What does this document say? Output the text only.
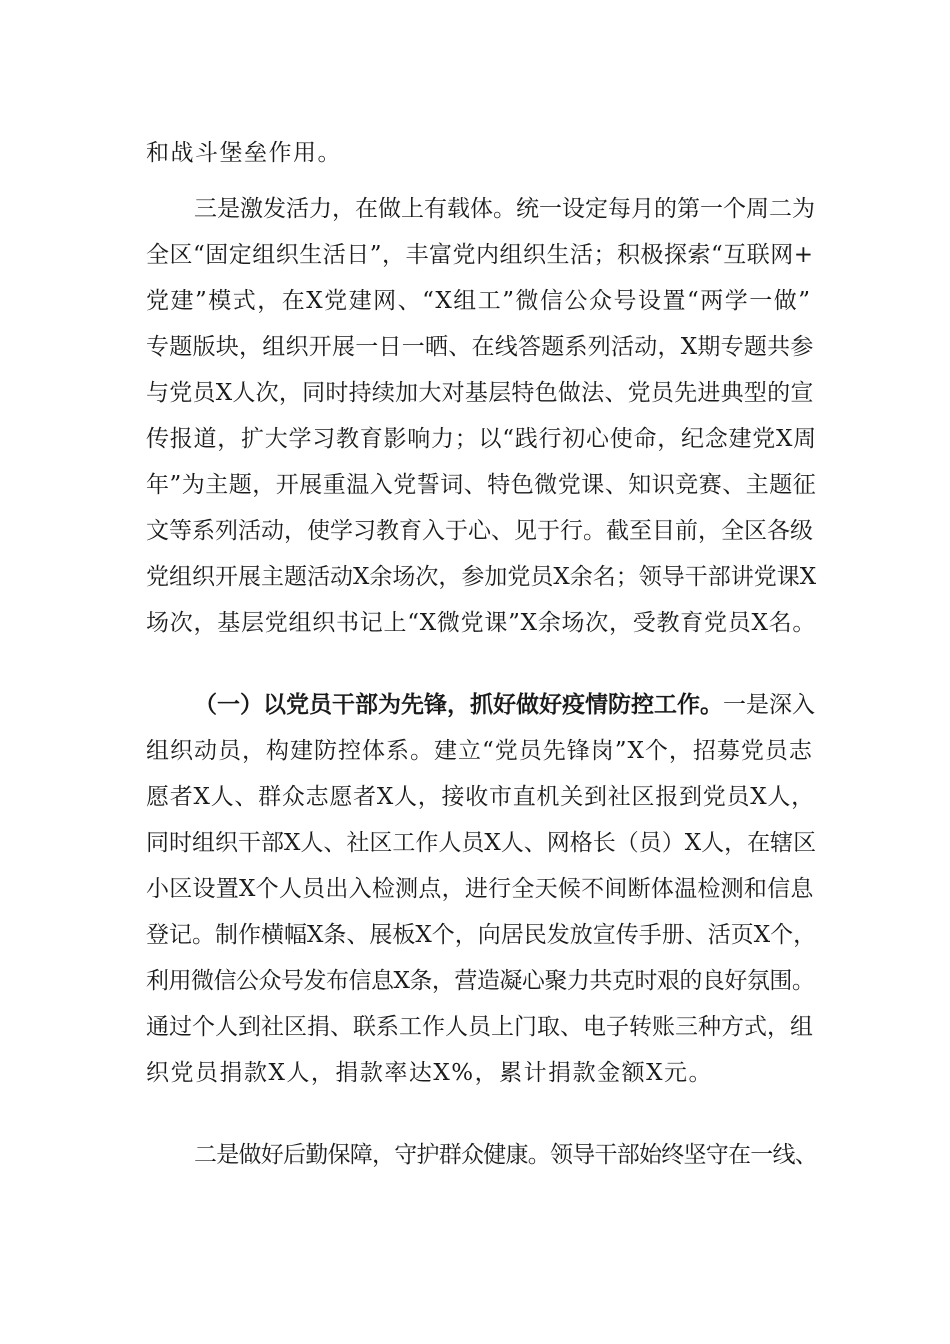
和战斗堡垒作用。
三是激发活力，在做上有载体。统一设定每月的第一个周二为
全区“固定组织生活日”，丰富党内组织生活；积极探索“互联网+
党建”模式，在X党建网、“X组工”微信公众号设置“两学一做”
专题版块，组织开展一日一晒、在线答题系列活动，X期专题共参
与党员X人次，同时持续加大对基层特色做法、党员先进典型的宣
传报道，扩大学习教育影响力；以“践行初心使命，纪念建党X周
年”为主题，开展重温入党誓词、特色微党课、知识竞赛、主题征
文等系列活动，使学习教育入于心、见于行。截至目前，全区各级
党组织开展主题活动X余场次，参加党员X余名；领导干部讲党课X
场次，基层党组织书记上“X微党课”X余场次，受教育党员X名。
（一）以党员干部为先锋，抓好做好疫情防控工作。一是深入
组织动员，构建防控体系。建立“党员先锋岗”X个，招募党员志
愿者X人、群众志愿者X人，接收市直机关到社区报到党员X人，
同时组织干部X人、社区工作人员X人、网格长（员）X人，在辖区
小区设置X个人员出入检测点，进行全天候不间断体温检测和信息
登记。制作横幅X条、展板X个，向居民发放宣传手册、活页X个，
利用微信公众号发布信息X条，营造凝心聚力共克时艰的良好氛围。
通过个人到社区捐、联系工作人员上门取、电子转账三种方式，组
织党员捐款X人，捐款率达X%，累计捐款金额X元。
二是做好后勤保障，守护群众健康。领导干部始终坚守在一线、
